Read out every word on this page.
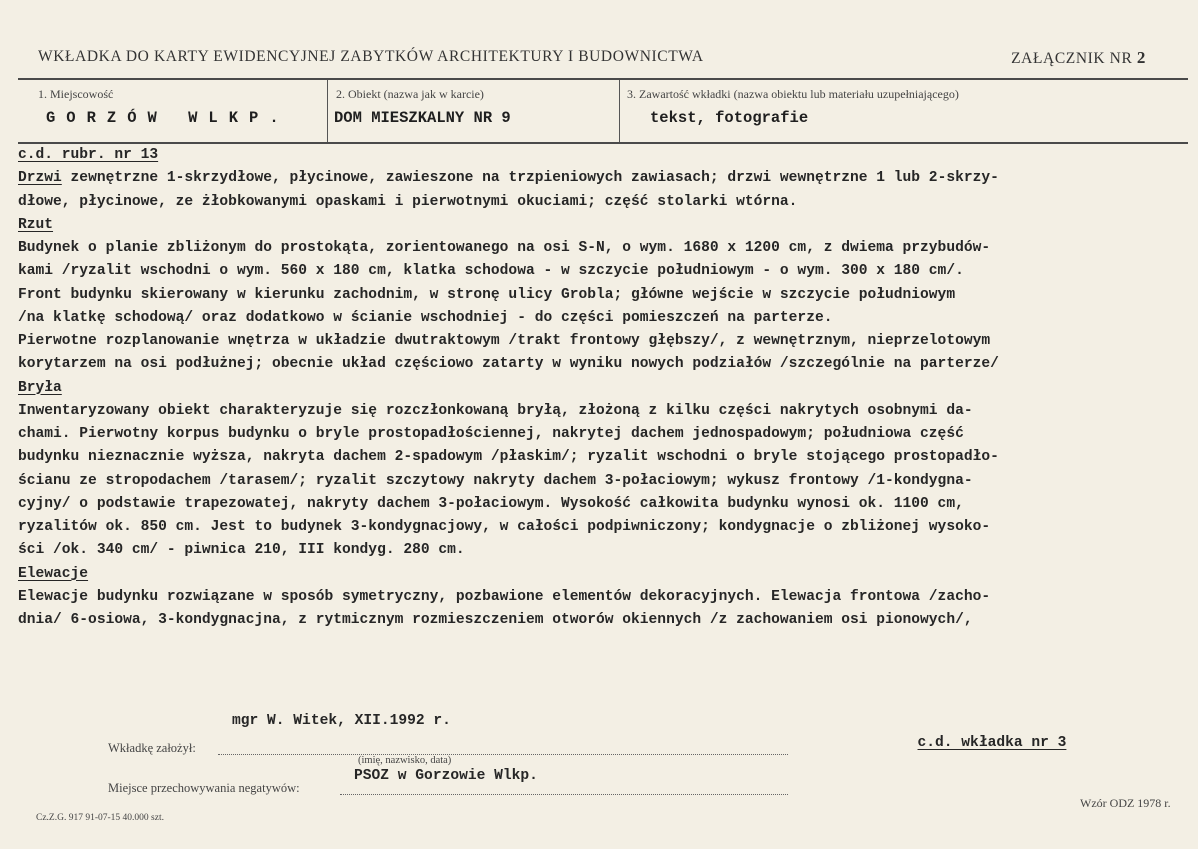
WKŁADKA DO KARTY EWIDENCYJNEJ ZABYTKÓW ARCHITEKTURY I BUDOWNICTWA	ZAŁĄCZNIK NR 2
1. Miejscowość
GORZÓW WLKP.
2. Obiekt (nazwa jak w karcie)
DOM MIESZKALNY NR 9
3. Zawartość wkładki (nazwa obiektu lub materiału uzupełniającego)
tekst, fotografie
c.d. rubr. nr 13
Drzwi zewnętrzne 1-skrzydłowe, płycinowe, zawieszone na trzpieniowych zawiasach; drzwi wewnętrzne 1 lub 2-skrzy-
dłowe, płycinowe, ze żłobkowanymi opaskami i pierwotnymi okuciami; część stolarki wtórna.
Rzut
Budynek o planie zbliżonym do prostokąta, zorientowanego na osi S-N, o wym. 1680 x 1200 cm, z dwiema przybudów-
kami /ryzalit wschodni o wym. 560 x 180 cm, klatka schodowa - w szczycie południowym - o wym. 300 x 180 cm/.
Front budynku skierowany w kierunku zachodnim, w stronę ulicy Grobla; główne wejście w szczycie południowym
/na klatkę schodową/ oraz dodatkowo w ścianie wschodniej - do części pomieszczeń na parterze.
Pierwotne rozplanowanie wnętrza w układzie dwutraktowym /trakt frontowy głębszy/, z wewnętrznym, nieprzelotowym
korytarzem na osi podłużnej; obecnie układ częściowo zatarty w wyniku nowych podziałów /szczególnie na parterze/
Bryła
Inwentaryzowany obiekt charakteryzuje się rozczłonkowaną bryłą, złożoną z kilku części nakrytych osobnymi da-
chami. Pierwotny korpus budynku o bryle prostopadłościennej, nakrytej dachem jednospadowym; południowa część
budynku nieznacznie wyższa, nakryta dachem 2-spadowym /płaskim/; ryzalit wschodni o bryle stojącego prostopadło-
ścianu ze stropodachem /tarasem/; ryzalit szczytowy nakryty dachem 3-połaciowym; wykusz frontowy /1-kondygna-
cyjny/ o podstawie trapezowatej, nakryty dachem 3-połaciowym. Wysokość całkowita budynku wynosi ok. 1100 cm,
ryzalitów ok. 850 cm. Jest to budynek 3-kondygnacjowy, w całości podpiwniczony; kondygnacje o zbliżonej wysoko-
ści /ok. 340 cm/ - piwnica 210, III kondyg. 280 cm.
Elewacje
Elewacje budynku rozwiązane w sposób symetryczny, pozbawione elementów dekoracyjnych. Elewacja frontowa /zacho-
dnia/ 6-osiowa, 3-kondygnacjna, z rytmicznym rozmieszczeniem otworów okiennych /z zachowaniem osi pionowych/,
mgr W. Witek, XII.1992 r.

c.d. wkładka nr 3

Wkładkę założył:
(imię, nazwisko, data)
PSOZ w Gorzowie Wlkp.
Miejsce przechowywania negatywów:
Wzór ODZ 1978 r.
Cz.Z.G. 917 91-07-15 40.000 szt.
